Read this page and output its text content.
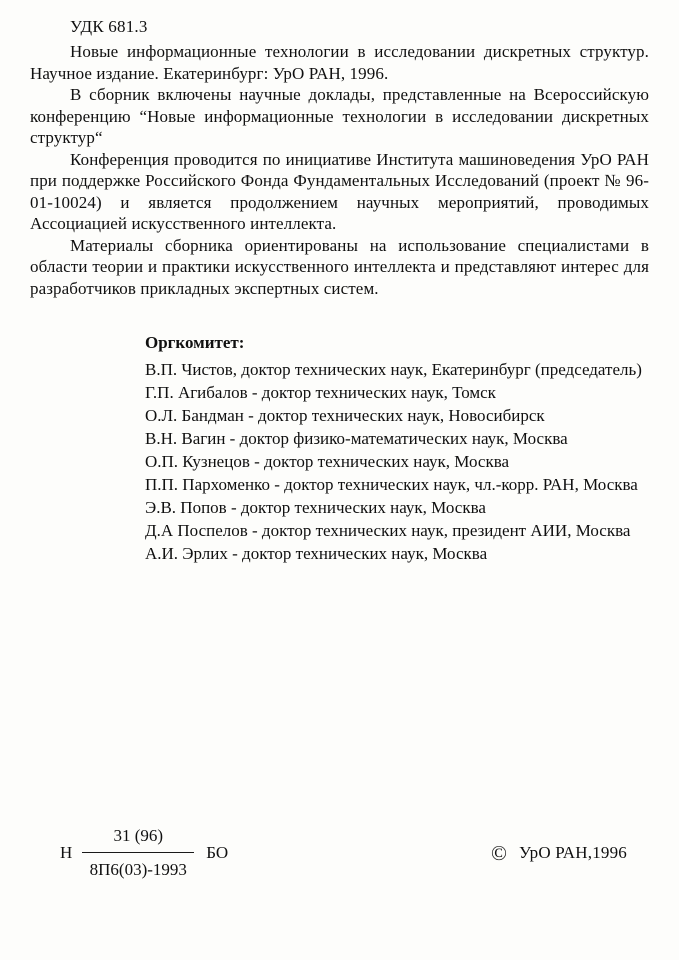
УДК 681.3

Новые информационные технологии в исследовании дискретных структур. Научное издание. Екатеринбург: УрО РАН, 1996.

В сборник включены научные доклады, представленные на Всероссийскую конференцию “Новые информационные технологии в исследовании дискретных структур“

Конференция проводится по инициативе Института машиноведения УрО РАН при поддержке Российского Фонда Фундаментальных Исследований (проект № 96-01-10024) и является продолжением научных мероприятий, проводимых Ассоциацией искусственного интеллекта.

Материалы сборника ориентированы на использование специалистами в области теории и практики искусственного интеллекта и представляют интерес для разработчиков прикладных экспертных систем.

Оргкомитет:
В.П. Чистов, доктор технических наук, Екатеринбург (председатель)
Г.П. Агибалов - доктор технических наук, Томск
О.Л. Бандман - доктор технических наук, Новосибирск
В.Н. Вагин - доктор физико-математических наук, Москва
О.П. Кузнецов - доктор технических наук, Москва
П.П. Пархоменко - доктор технических наук, чл.-корр. РАН, Москва
Э.В. Попов - доктор технических наук, Москва
Д.А Поспелов - доктор технических наук, президент АИИ, Москва
А.И. Эрлих - доктор технических наук, Москва
Н $\frac{31 (96)}{8П6(03)-1993}$ БО	© УрО РАН,1996
